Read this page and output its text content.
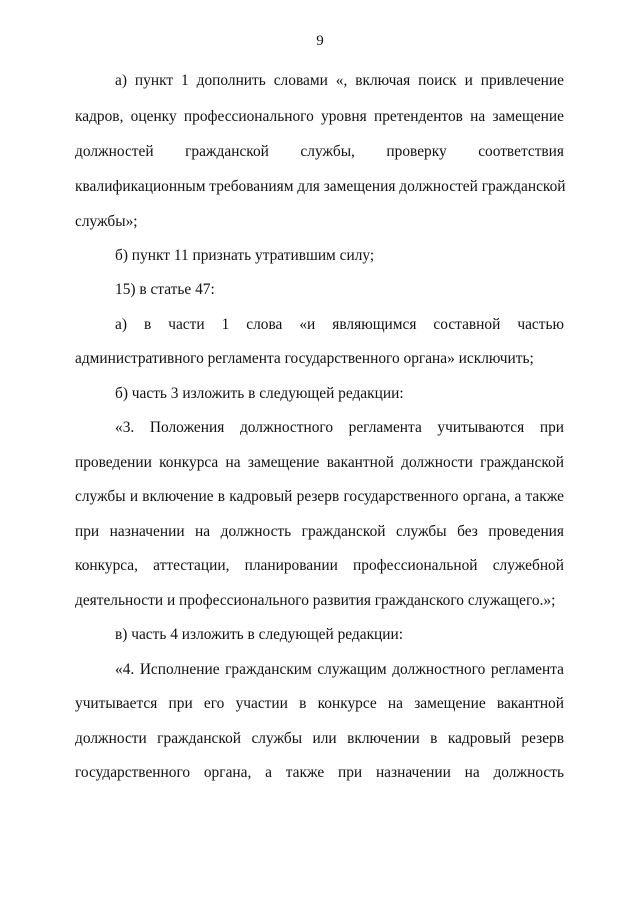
9
а) пункт 1 дополнить словами «, включая поиск и привлечение
кадров, оценку профессионального уровня претендентов на замещение
должностей гражданской службы, проверку соответствия
квалификационным требованиям для замещения должностей гражданской
службы»;
б) пункт 11 признать утратившим силу;
15) в статье 47:
а) в части 1 слова «и являющимся составной частью
административного регламента государственного органа» исключить;
б) часть 3 изложить в следующей редакции:
«3. Положения должностного регламента учитываются при
проведении конкурса на замещение вакантной должности гражданской
службы и включение в кадровый резерв государственного органа, а также
при назначении на должность гражданской службы без проведения
конкурса, аттестации, планировании профессиональной служебной
деятельности и профессионального развития гражданского служащего.»;
в) часть 4 изложить в следующей редакции:
«4. Исполнение гражданским служащим должностного регламента
учитывается при его участии в конкурсе на замещение вакантной
должности гражданской службы или включении в кадровый резерв
государственного органа, а также при назначении на должность
